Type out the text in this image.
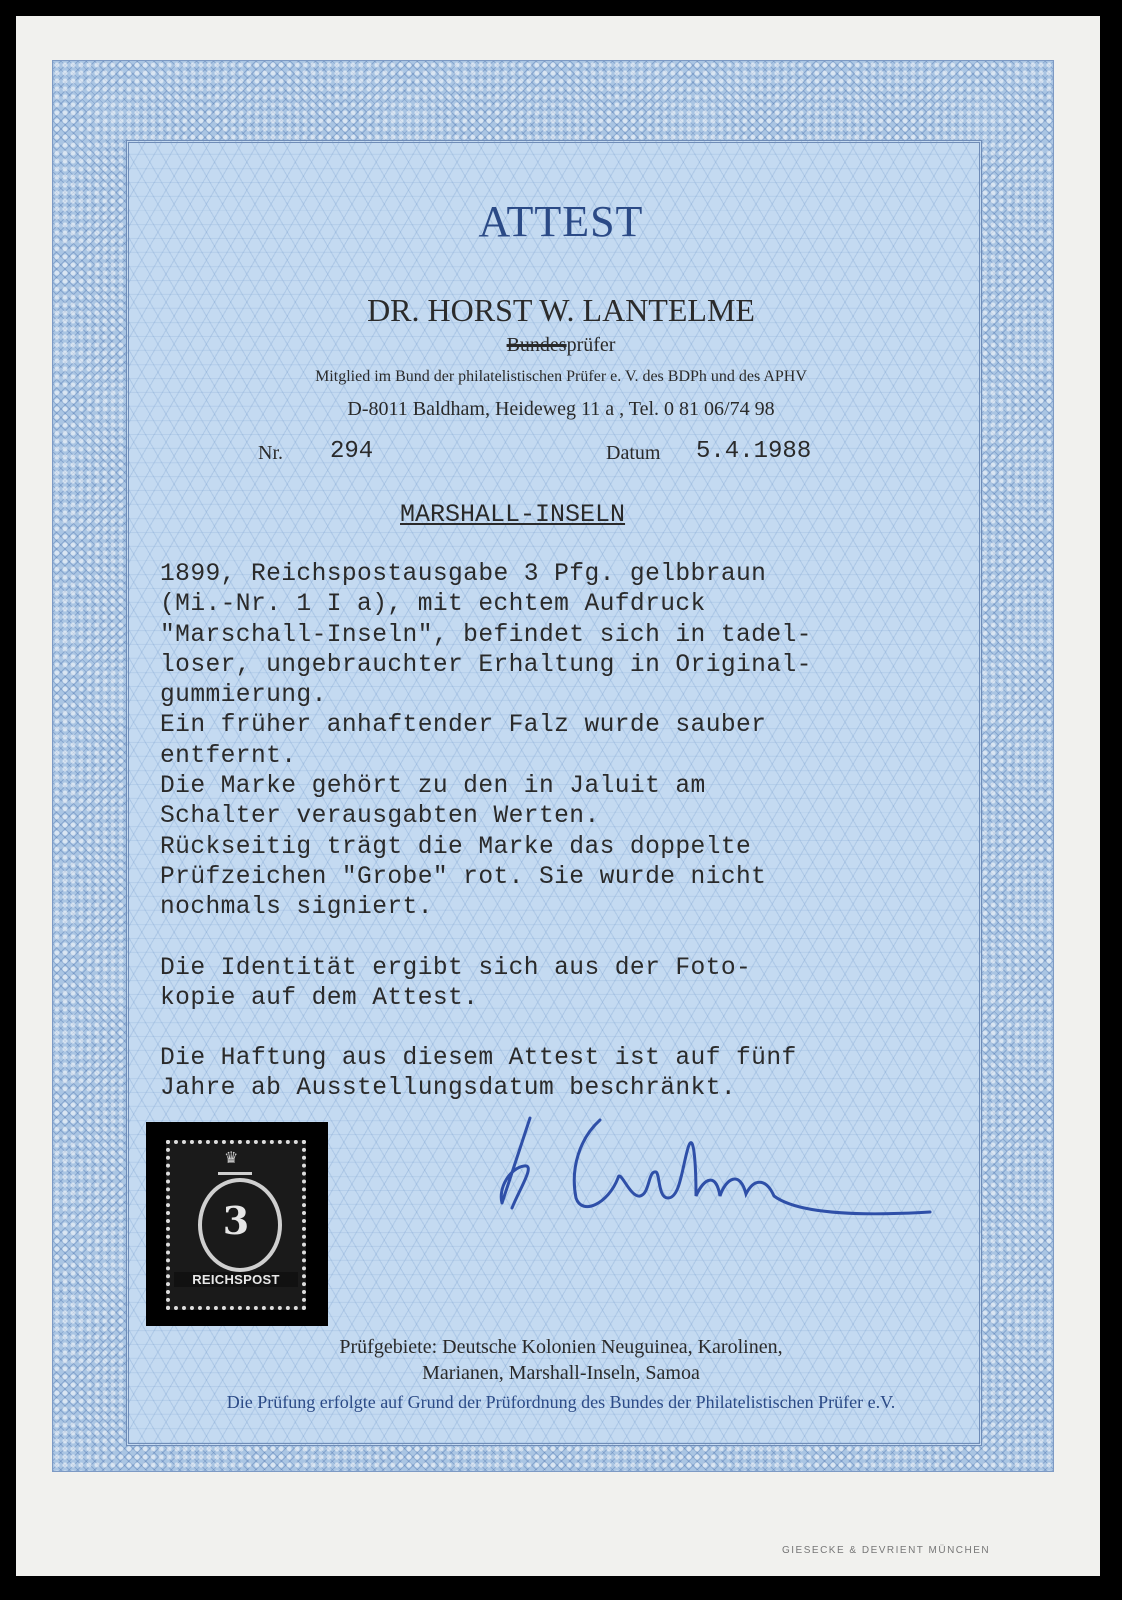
ATTEST
DR. HORST W. LANTELME
Bundesprüfer
Mitglied im Bund der philatelistischen Prüfer e. V. des BDPh und des APHV
D-8011 Baldham, Heideweg 11 a , Tel. 0 81 06/74 98
Nr. 294	Datum 5.4.1988
MARSHALL-INSELN
1899, Reichspostausgabe 3 Pfg. gelbbraun
(Mi.-Nr. 1 I a), mit echtem Aufdruck
"Marschall-Inseln", befindet sich in tadel-
loser, ungebrauchter Erhaltung in Original-
gummierung.
Ein früher anhaftender Falz wurde sauber
entfernt.
Die Marke gehört zu den in Jaluit am
Schalter verausgabten Werten.
Rückseitig trägt die Marke das doppelte
Prüfzeichen "Grobe" rot. Sie wurde nicht
nochmals signiert.
Die Identität ergibt sich aus der Foto-
kopie auf dem Attest.
Die Haftung aus diesem Attest ist auf fünf
Jahre ab Ausstellungsdatum beschränkt.
♛
3
REICHSPOST
Prüfgebiete: Deutsche Kolonien Neuguinea, Karolinen,
Marianen, Marshall-Inseln, Samoa
Die Prüfung erfolgte auf Grund der Prüfordnung des Bundes der Philatelistischen Prüfer e.V.
GIESECKE & DEVRIENT MÜNCHEN
